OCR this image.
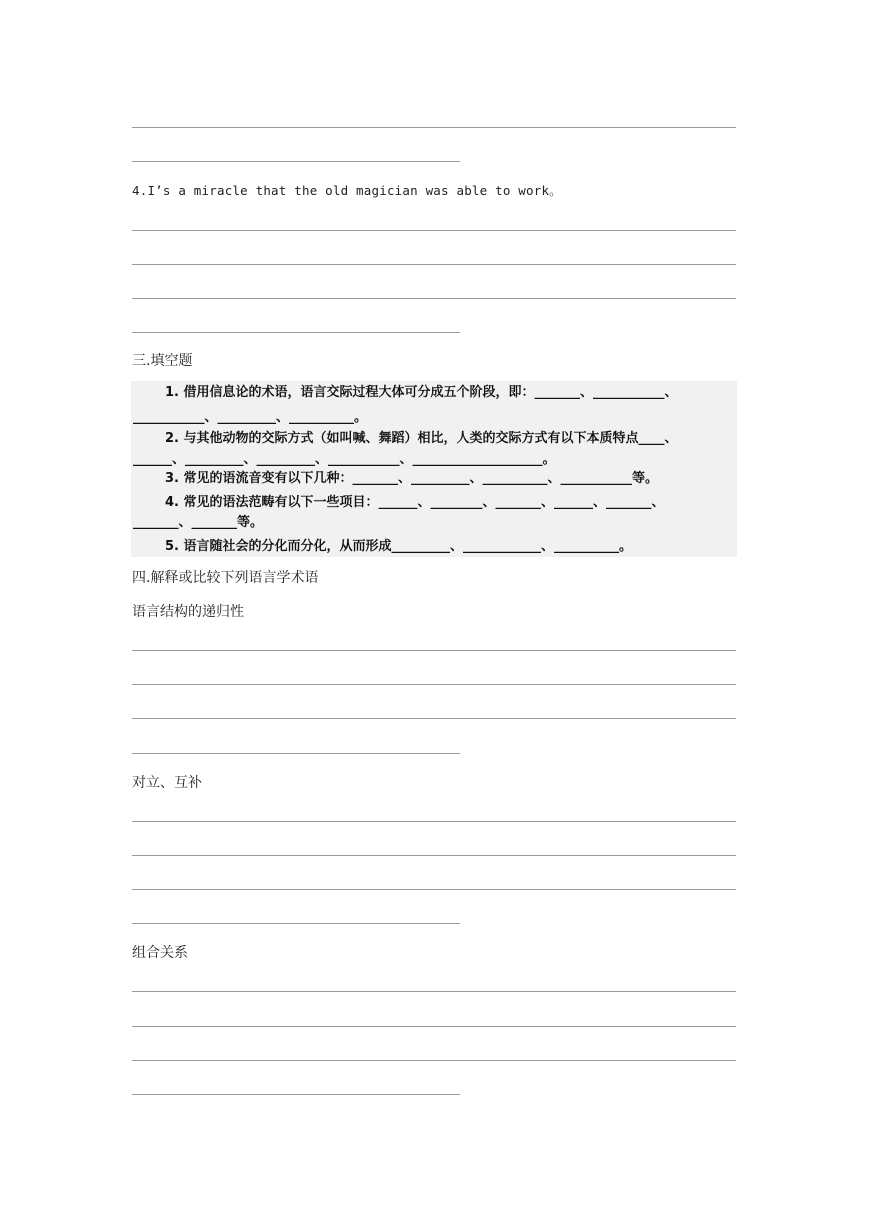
4.I’s a miracle that the old magician was able to work。
三.填空题
1. 借用信息论的术语，语言交际过程大体可分成五个阶段，即：_______、___________、
___________、_________、__________。
2. 与其他动物的交际方式（如叫喊、舞蹈）相比，人类的交际方式有以下本质特点____、
______、_________、_________、___________、____________________。
3. 常见的语流音变有以下几种：_______、_________、__________、___________等。
4. 常见的语法范畴有以下一些项目：______、________、_______、______、_______、
_______、_______等。
5. 语言随社会的分化而分化，从而形成_________、____________、__________。
四.解释或比较下列语言学术语
语言结构的递归性
对立、互补
组合关系
